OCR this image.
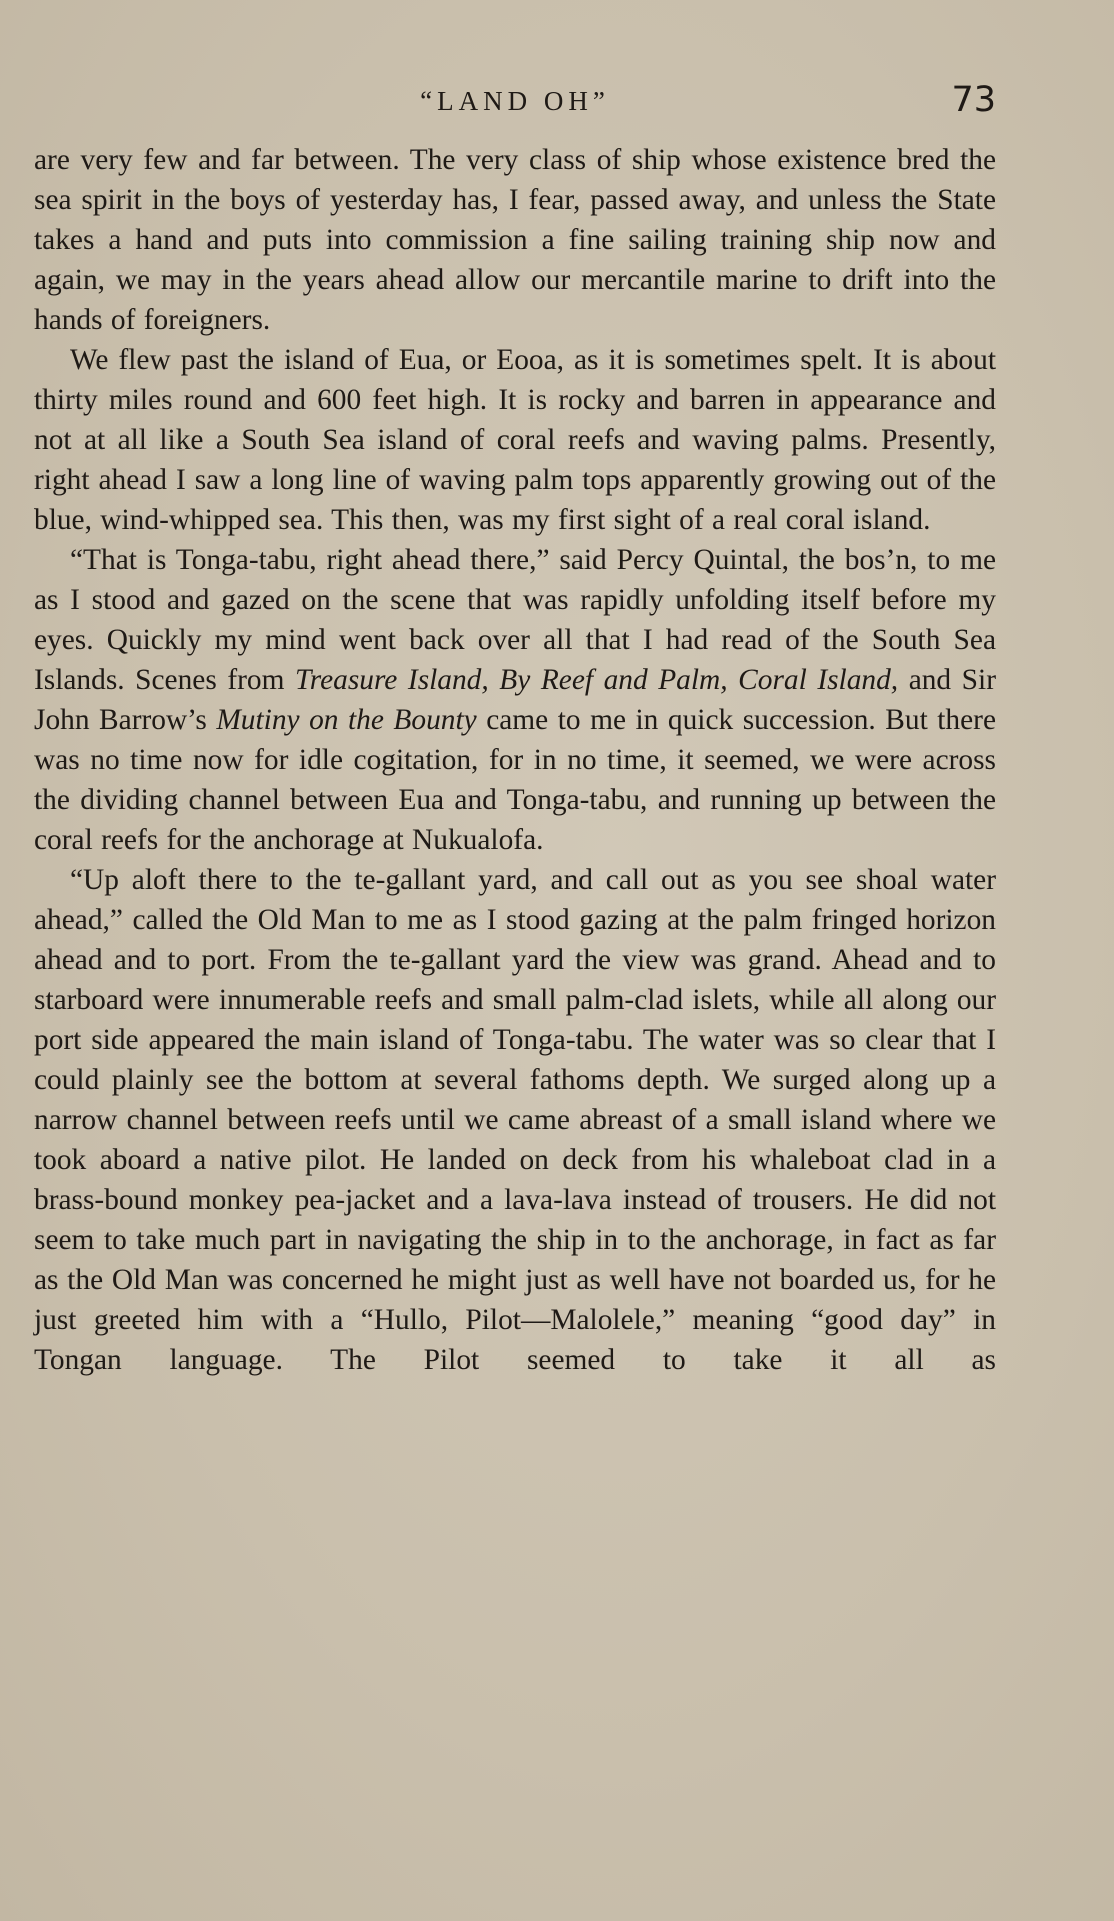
“LAND OH”	73

are very few and far between. The very class of ship whose existence bred the sea spirit in the boys of yesterday has, I fear, passed away, and unless the State takes a hand and puts into commission a fine sailing training ship now and again, we may in the years ahead allow our mercantile marine to drift into the hands of foreigners.

We flew past the island of Eua, or Eooa, as it is sometimes spelt. It is about thirty miles round and 600 feet high. It is rocky and barren in appearance and not at all like a South Sea island of coral reefs and waving palms. Presently, right ahead I saw a long line of waving palm tops apparently growing out of the blue, wind-whipped sea. This then, was my first sight of a real coral island.

“That is Tonga-tabu, right ahead there,” said Percy Quintal, the bos’n, to me as I stood and gazed on the scene that was rapidly unfolding itself before my eyes. Quickly my mind went back over all that I had read of the South Sea Islands. Scenes from Treasure Island, By Reef and Palm, Coral Island, and Sir John Barrow’s Mutiny on the Bounty came to me in quick succession. But there was no time now for idle cogitation, for in no time, it seemed, we were across the dividing channel between Eua and Tonga-tabu, and running up between the coral reefs for the anchorage at Nukualofa.

“Up aloft there to the te-gallant yard, and call out as you see shoal water ahead,” called the Old Man to me as I stood gazing at the palm fringed horizon ahead and to port. From the te-gallant yard the view was grand. Ahead and to starboard were innumerable reefs and small palm-clad islets, while all along our port side appeared the main island of Tonga-tabu. The water was so clear that I could plainly see the bottom at several fathoms depth. We surged along up a narrow channel between reefs until we came abreast of a small island where we took aboard a native pilot. He landed on deck from his whaleboat clad in a brass-bound monkey pea-jacket and a lava-lava instead of trousers. He did not seem to take much part in navigating the ship in to the anchorage, in fact as far as the Old Man was concerned he might just as well have not boarded us, for he just greeted him with a “Hullo, Pilot—Malolele,” meaning “good day” in Tongan language. The Pilot seemed to take it all as
